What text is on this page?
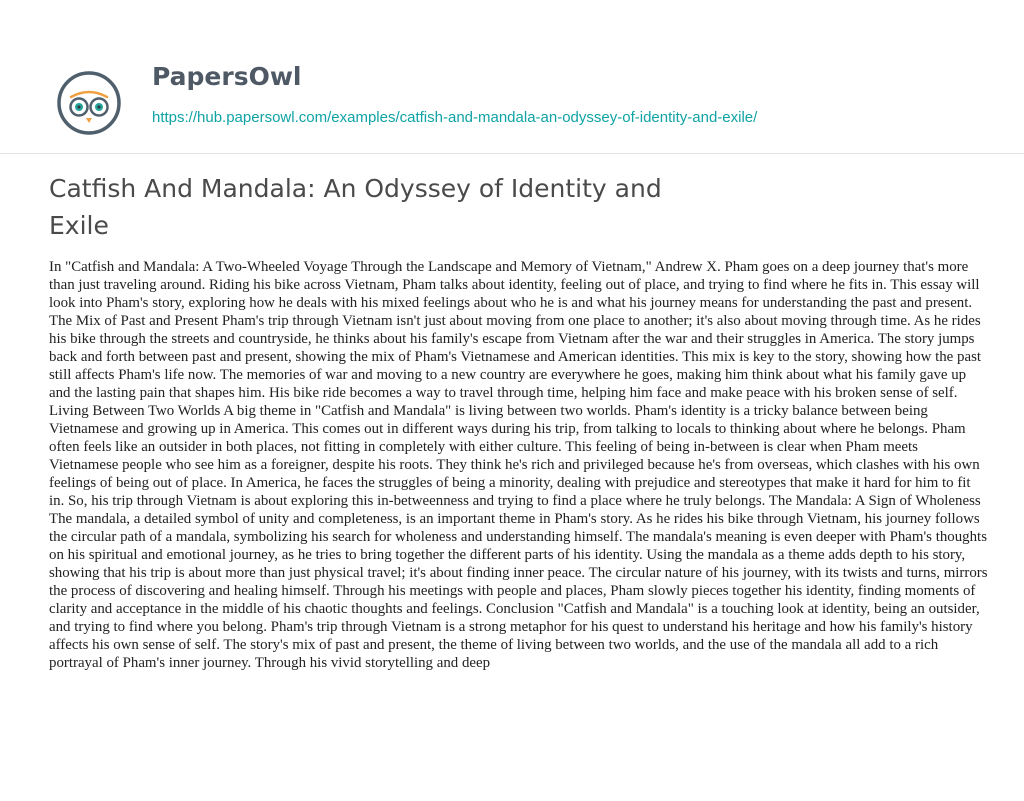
PapersOwl
https://hub.papersowl.com/examples/catfish-and-mandala-an-odyssey-of-identity-and-exile/
Catfish And Mandala: An Odyssey of Identity and Exile

In "Catfish and Mandala: A Two-Wheeled Voyage Through the Landscape and Memory of Vietnam," Andrew X. Pham goes on a deep journey that's more than just traveling around. Riding his bike across Vietnam, Pham talks about identity, feeling out of place, and trying to find where he fits in. This essay will look into Pham's story, exploring how he deals with his mixed feelings about who he is and what his journey means for understanding the past and present. The Mix of Past and Present Pham's trip through Vietnam isn't just about moving from one place to another; it's also about moving through time. As he rides his bike through the streets and countryside, he thinks about his family's escape from Vietnam after the war and their struggles in America. The story jumps back and forth between past and present, showing the mix of Pham's Vietnamese and American identities. This mix is key to the story, showing how the past still affects Pham's life now. The memories of war and moving to a new country are everywhere he goes, making him think about what his family gave up and the lasting pain that shapes him. His bike ride becomes a way to travel through time, helping him face and make peace with his broken sense of self. Living Between Two Worlds A big theme in "Catfish and Mandala" is living between two worlds. Pham's identity is a tricky balance between being Vietnamese and growing up in America. This comes out in different ways during his trip, from talking to locals to thinking about where he belongs. Pham often feels like an outsider in both places, not fitting in completely with either culture. This feeling of being in-between is clear when Pham meets Vietnamese people who see him as a foreigner, despite his roots. They think he's rich and privileged because he's from overseas, which clashes with his own feelings of being out of place. In America, he faces the struggles of being a minority, dealing with prejudice and stereotypes that make it hard for him to fit in. So, his trip through Vietnam is about exploring this in-betweenness and trying to find a place where he truly belongs. The Mandala: A Sign of Wholeness The mandala, a detailed symbol of unity and completeness, is an important theme in Pham's story. As he rides his bike through Vietnam, his journey follows the circular path of a mandala, symbolizing his search for wholeness and understanding himself. The mandala's meaning is even deeper with Pham's thoughts on his spiritual and emotional journey, as he tries to bring together the different parts of his identity. Using the mandala as a theme adds depth to his story, showing that his trip is about more than just physical travel; it's about finding inner peace. The circular nature of his journey, with its twists and turns, mirrors the process of discovering and healing himself. Through his meetings with people and places, Pham slowly pieces together his identity, finding moments of clarity and acceptance in the middle of his chaotic thoughts and feelings. Conclusion "Catfish and Mandala" is a touching look at identity, being an outsider, and trying to find where you belong. Pham's trip through Vietnam is a strong metaphor for his quest to understand his heritage and how his family's history affects his own sense of self. The story's mix of past and present, the theme of living between two worlds, and the use of the mandala all add to a rich portrayal of Pham's inner journey. Through his vivid storytelling and deep
